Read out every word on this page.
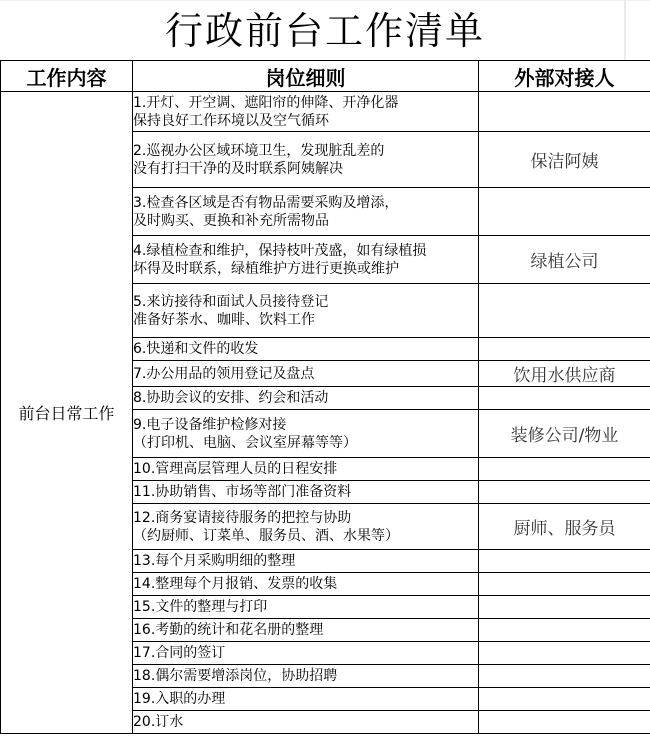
行政前台工作清单
工作内容	岗位细则	外部对接人
前台日常工作	1.开灯、开空调、遮阳帘的伸降、开净化器
保持良好工作环境以及空气循环	

	2.巡视办公区域环境卫生，发现脏乱差的
没有打扫干净的及时联系阿姨解决	保洁阿姨

	3.检查各区域是否有物品需要采购及增添，
及时购买、更换和补充所需物品	

	4.绿植检查和维护，保持枝叶茂盛，如有绿植损
坏得及时联系，绿植维护方进行更换或维护	绿植公司

	5.来访接待和面试人员接待登记
准备好茶水、咖啡、饮料工作	

	6.快递和文件的收发	

	7.办公用品的领用登记及盘点	饮用水供应商

	8.协助会议的安排、约会和活动	

	9.电子设备维护检修对接
（打印机、电脑、会议室屏幕等等）	装修公司/物业

	10.管理高层管理人员的日程安排	

	11.协助销售、市场等部门准备资料	

	12.商务宴请接待服务的把控与协助
（约厨师、订菜单、服务员、酒、水果等）	厨师、服务员

	13.每个月采购明细的整理	

	14.整理每个月报销、发票的收集	

	15.文件的整理与打印	

	16.考勤的统计和花名册的整理	

	17.合同的签订	

	18.偶尔需要增添岗位，协助招聘	

	19.入职的办理	

	20.订水	
